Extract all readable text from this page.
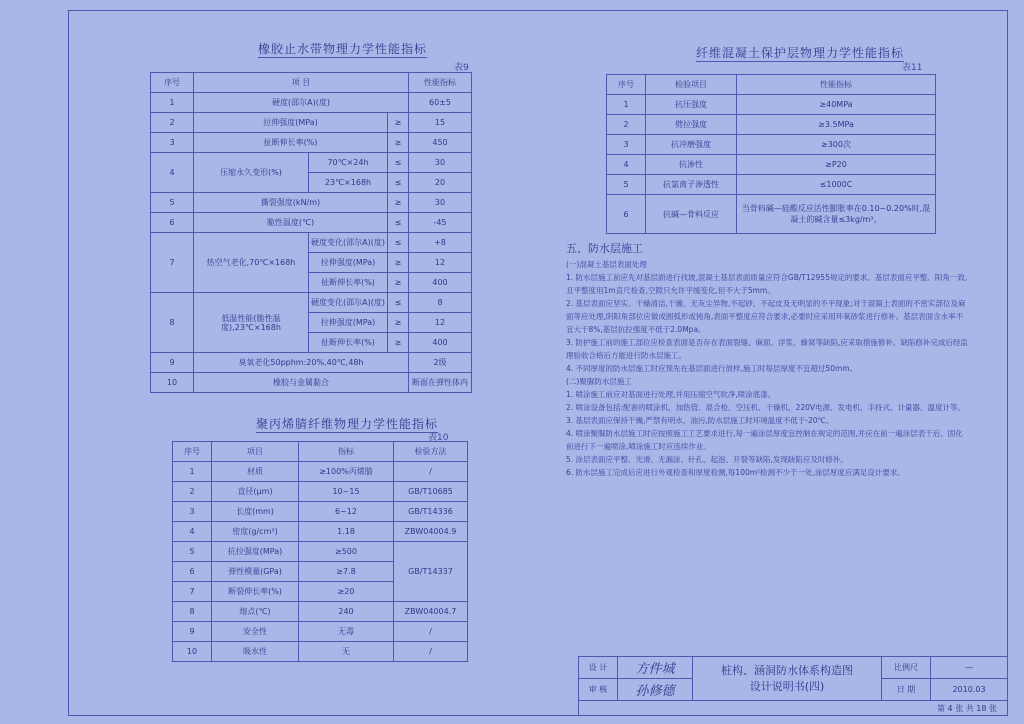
橡胶止水带物理力学性能指标
表9
序号	项 目			性能指标
1	硬度(邵尔A)(度)			60±5
2	拉伸强度(MPa)		≥	15
3	扯断伸长率(%)		≥	450
4	压缩永久变形(%)	70℃×24h	≤	30
		23℃×168h	≤	20
5	撕裂强度(kN/m)		≥	30
6	脆性温度(℃)		≤	-45
7	热空气老化,70℃×168h	硬度变化(邵尔A)(度)	≤	+8
		拉伸强度(MPa)	≥	12
		扯断伸长率(%)	≥	400
8	低温性能(脆性温度),23℃×168h	硬度变化(邵尔A)(度)	≤	8
		拉伸强度(MPa)	≥	12
		扯断伸长率(%)	≥	400
9	臭氧老化50pphm:20%,40℃,48h			2级
10	橡胶与金属黏合			断面在弹性体内
聚丙烯腈纤维物理力学性能指标
表10
序号	项目	指标	检验方法
1	材质	≥100%丙烯腈	/
2	直径(μm)	10~15	GB/T10685
3	长度(mm)	6~12	GB/T14336
4	密度(g/cm³)	1.18	ZBW04004.9
5	抗拉强度(MPa)	≥500	GB/T14337
6	弹性模量(GPa)	≥7.8	
7	断裂伸长率(%)	≥20	
8	熔点(℃)	240	ZBW04004.7
9	安全性	无毒	/
10	吸水性	无	/
纤维混凝土保护层物理力学性能指标
表11
序号	检验项目	性能指标
1	抗压强度	≥40MPa
2	劈拉强度	≥3.5MPa
3	抗冲磨强度	≥300次
4	抗渗性	≥P20
5	抗氯离子渗透性	≤1000C
6	抗碱—骨料反应	当骨料碱—硅酸反应活性膨胀率在0.10~0.20%时,混凝土的碱含量≤3kg/m³。
五、防水层施工

(一)混凝土基层表面处理

1. 防水层施工前应先对基层面进行找坡,混凝土基层表面质量应符合GB/T12955规定的要求。基层表面应平整、阳角一致,且平整度用1m直尺检查,空隙只允许平缓变化,但不大于5mm。

2. 基层表面应坚实、干燥清洁,干燥、无灰尘异物,不起砂、不起皮及无明显的不平现象;对于混凝土表面的不密实部位及麻面等应处理,阴阳角部位应做成圆弧形或钝角,表面平整度应符合要求,必要时应采用环氧砂浆进行修补。基层表面含水率不宜大于8%,基层抗拉强度不低于2.0Mpa。

3. 防护施工前的施工部位应检查表面是否存在表面裂缝、麻面、浮浆、蜂窝等缺陷,应采取措施修补。缺陷修补完成后经监理验收合格后方能进行防水层施工。

4. 不同厚度的防水层施工时应预先在基层面进行放样,施工时每层厚度不宜超过50mm。

(二)聚脲防水层施工

1. 喷涂施工前应对基面进行处理,并用压缩空气吹净,喷涂底漆。

2. 喷涂设备包括:配套的喷涂机、加热管、混合枪、空压机、干燥机、220V电源、发电机、手持式、计量器、温度计等。

3. 基层表面应保持干燥,严禁有明水、油污,防水层施工时环境温度不低于-20℃。

4. 喷涂聚脲防水层施工时应按照施工工艺要求进行,每一遍涂层厚度宜控制在规定的范围,并应在前一遍涂层表干后、固化前进行下一遍喷涂,喷涂施工时应连续作业。

5. 涂层表面应平整、光滑、无漏涂、针孔、起泡、开裂等缺陷,发现缺陷应及时修补。

6. 防水层施工完成后应进行外观检查和厚度检测,每100m²检测不少于一处,涂层厚度应满足设计要求。

设 计	方件城	桩构、涵洞防水体系构造图
设计说明书(四)	比例尺	—
审 核	孙修德		日 期	2010.03
第 4 张 共 18 张				
